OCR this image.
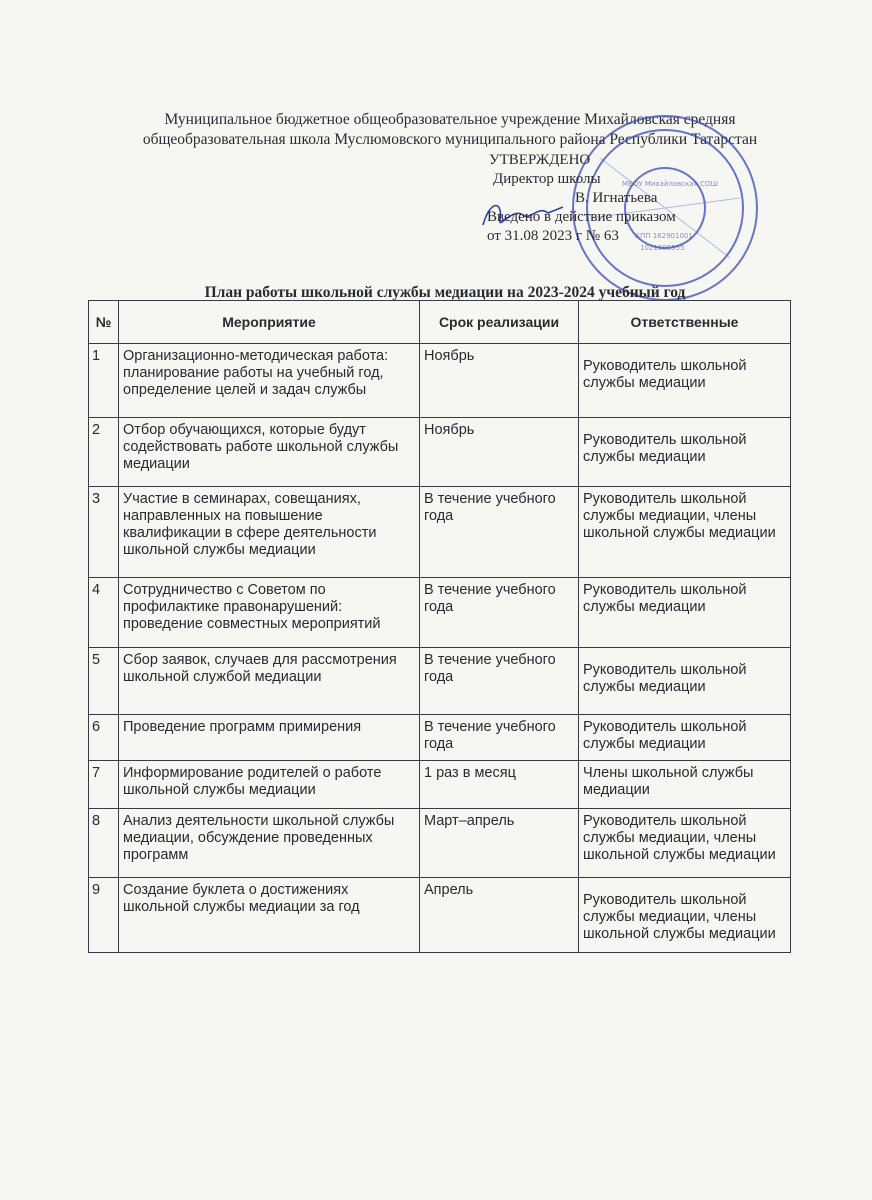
Муниципальное бюджетное общеобразовательное учреждение Михайловская средняя
общеобразовательная школа Муслюмовского муниципального района Республики Татарстан
МБОУ Михайловская СОШ
КПП 162901001
1021605555
УТВЕРЖДЕНО
Директор школы
В. Игнатьева
Введено в действие приказом
от 31.08 2023 г № 63
План работы школьной службы медиации на 2023-2024 учебный год
№	Мероприятие	Срок реализации	Ответственные
1	Организационно-методическая работа: планирование работы на учебный год, определение целей и задач службы	Ноябрь	Руководитель школьной службы медиации

2	Отбор обучающихся, которые будут содействовать работе школьной службы медиации	Ноябрь	Руководитель школьной службы медиации

3	Участие в семинарах, совещаниях, направленных на повышение квалификации в сфере деятельности школьной службы медиации	В течение учебного года	Руководитель школьной службы медиации, члены школьной службы медиации

4	Сотрудничество с Советом по профилактике правонарушений: проведение совместных мероприятий	В течение учебного года	Руководитель школьной службы медиации

5	Сбор заявок, случаев для рассмотрения школьной службой медиации	В течение учебного года	Руководитель школьной службы медиации

6	Проведение программ примирения	В течение учебного года	Руководитель школьной службы медиации

7	Информирование родителей о работе школьной службы медиации	1 раз в месяц	Члены школьной службы медиации

8	Анализ деятельности школьной службы медиации, обсуждение проведенных программ	Март–апрель	Руководитель школьной службы медиации, члены школьной службы медиации

9	Создание буклета о достижениях школьной службы медиации за год	Апрель	Руководитель школьной службы медиации, члены школьной службы медиации
